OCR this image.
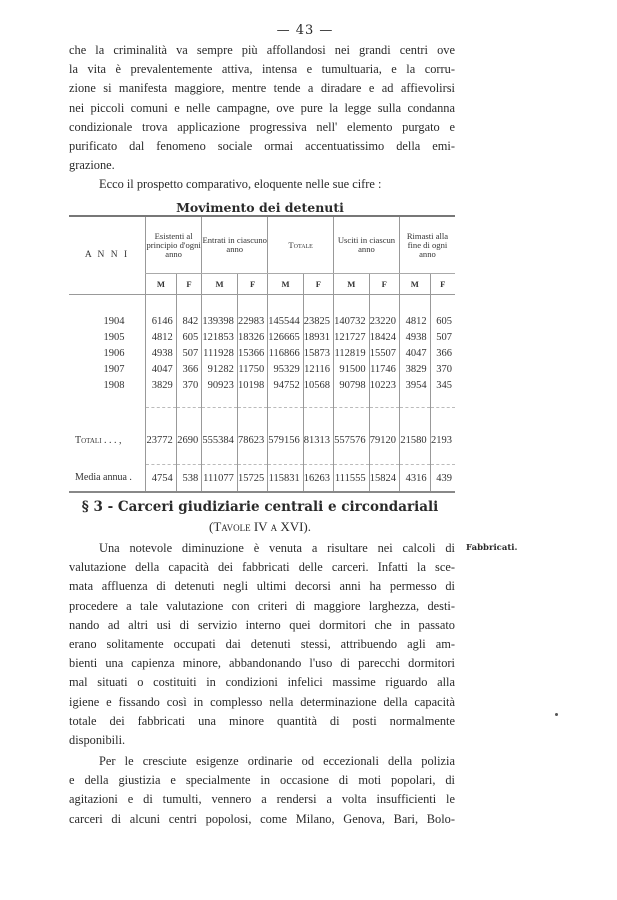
— 43 —
che la criminalità va sempre più affollandosi nei grandi centri ove
la vita è prevalentemente attiva, intensa e tumultuaria, e la corru-
zione si manifesta maggiore, mentre tende a diradare e ad affievolirsi
nei piccoli comuni e nelle campagne, ove pure la legge sulla condanna
condizionale trova applicazione progressiva nell' elemento purgato e
purificato dal fenomeno sociale ormai accentuatissimo della emi-
grazione.
Ecco il prospetto comparativo, eloquente nelle sue cifre :
Movimento dei detenuti
A N N I	Esistenti al principio d'ogni anno		Entrati in ciascuno anno		Totale		Usciti in ciascun anno		Rimasti alla fine di ogni anno	
	M	F	M	F	M	F	M	F	M	F

1904	6146	842	139398	22983	145544	23825	140732	23220	4812	605
1905	4812	605	121853	18326	126665	18931	121727	18424	4938	507
1906	4938	507	111928	15366	116866	15873	112819	15507	4047	366
1907	4047	366	91282	11750	95329	12116	91500	11746	3829	370
1908	3829	370	90923	10198	94752	10568	90798	10223	3954	345

Totali . . . ,	23772	2690	555384	78623	579156	81313	557576	79120	21580	2193

Media annua .	4754	538	111077	15725	115831	16263	111555	15824	4316	439
§ 3 - Carceri giudiziarie centrali e circondariali
(Tavole IV a XVI).
Fabbricati.
Una notevole diminuzione è venuta a risultare nei calcoli di
valutazione della capacità dei fabbricati delle carceri. Infatti la sce-
mata affluenza di detenuti negli ultimi decorsi anni ha permesso di
procedere a tale valutazione con criteri di maggiore larghezza, desti-
nando ad altri usi di servizio interno quei dormitori che in passato
erano solitamente occupati dai detenuti stessi, attribuendo agli am-
bienti una capienza minore, abbandonando l'uso di parecchi dormitori
mal situati o costituiti in condizioni infelici massime riguardo alla
igiene e fissando così in complesso nella determinazione della capacità
totale dei fabbricati una minore quantità di posti normalmente
disponibili.
Per le cresciute esigenze ordinarie od eccezionali della polizia
e della giustizia e specialmente in occasione di moti popolari, di
agitazioni e di tumulti, vennero a rendersi a volta insufficienti le
carceri di alcuni centri popolosi, come Milano, Genova, Bari, Bolo-
